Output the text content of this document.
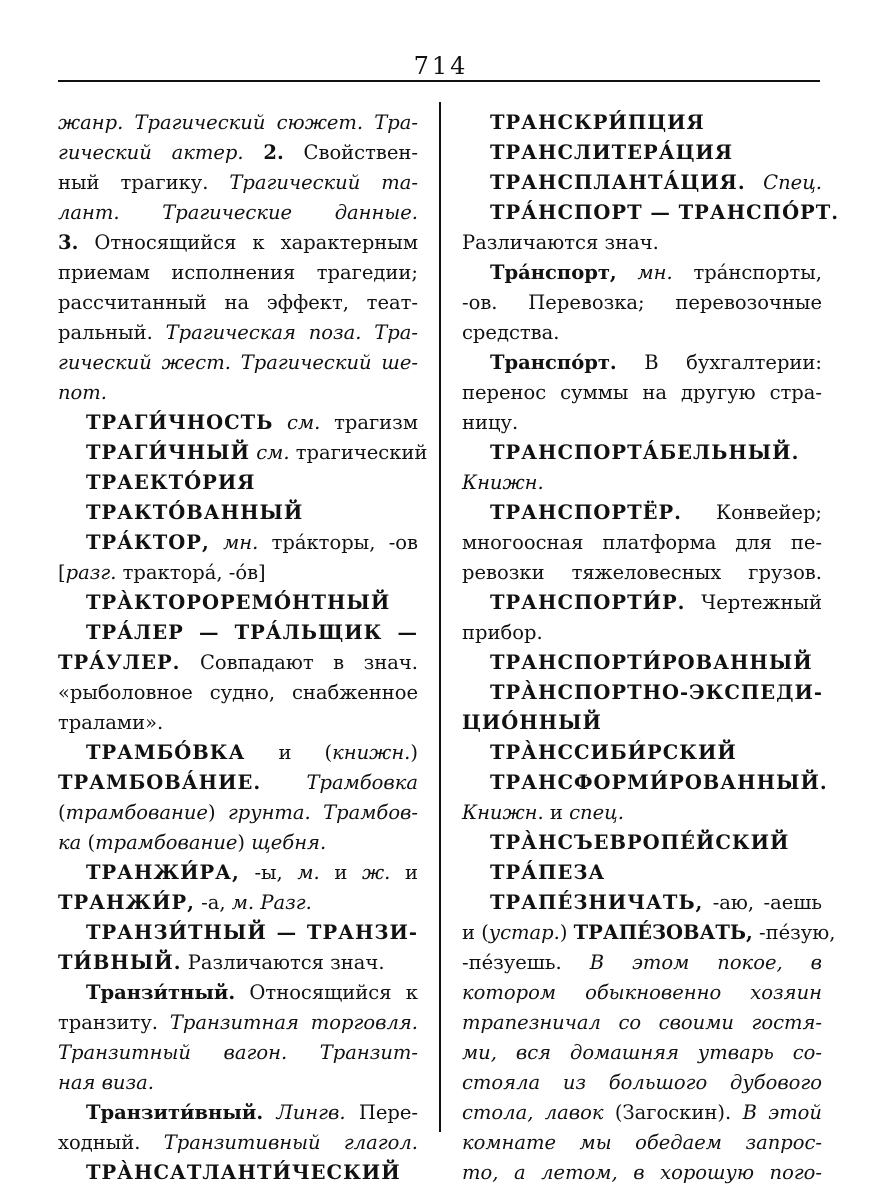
714
жанр. Трагический сюжет. Тра-
гический актер. 2. Свойствен-
ный трагику. Трагический та-
лант. Трагические данные.
3. Относящийся к характерным
приемам исполнения трагедии;
рассчитанный на эффект, теат-
ральный. Трагическая поза. Тра-
гический жест. Трагический ше-
пот.
ТРАГИ́ЧНОСТЬ см. трагизм
ТРАГИ́ЧНЫЙ см. трагический
ТРАЕКТО́РИЯ
ТРАКТО́ВАННЫЙ
ТРА́КТОР, мн. тра́кторы, -ов
[разг. трактора́, -о́в]
ТРА̀КТОРОРЕМО́НТНЫЙ
ТРА́ЛЕР — ТРА́ЛЬЩИК —
ТРА́УЛЕР. Совпадают в знач.
«рыболовное судно, снабженное
тралами».
ТРАМБО́ВКА и (книжн.)
ТРАМБОВА́НИЕ. Трамбовка
(трамбование) грунта. Трамбов-
ка (трамбование) щебня.
ТРАНЖИ́РА, -ы, м. и ж. и
ТРАНЖИ́Р, -а, м. Разг.
ТРАНЗИ́ТНЫЙ — ТРАНЗИ-
ТИ́ВНЫЙ. Различаются знач.
Транзи́тный. Относящийся к
транзиту. Транзитная торговля.
Транзитный вагон. Транзит-
ная виза.
Транзити́вный. Лингв. Пере-
ходный. Транзитивный глагол.
ТРА̀НСАТЛАНТИ́ЧЕСКИЙ
ТРАНСКРИ́ПЦИЯ
ТРАНСЛИТЕРА́ЦИЯ
ТРАНСПЛАНТА́ЦИЯ. Спец.
ТРА́НСПОРТ — ТРАНСПО́РТ.
Различаются знач.
Тра́нспорт, мн. тра́нспорты,
-ов. Перевозка; перевозочные
средства.
Транспо́рт. В бухгалтерии:
перенос суммы на другую стра-
ницу.
ТРАНСПОРТА́БЕЛЬНЫЙ.
Книжн.
ТРАНСПОРТЁР. Конвейер;
многоосная платформа для пе-
ревозки тяжеловесных грузов.
ТРАНСПОРТИ́Р. Чертежный
прибор.
ТРАНСПОРТИ́РОВАННЫЙ
ТРА̀НСПОРТНО-ЭКСПЕДИ-
ЦИО́ННЫЙ
ТРА̀НССИБИ́РСКИЙ
ТРАНСФОРМИ́РОВАННЫЙ.
Книжн. и спец.
ТРА̀НСЪЕВРОПЕ́ЙСКИЙ
ТРА́ПЕЗА
ТРАПЕ́ЗНИЧАТЬ, -аю, -аешь
и (устар.) ТРАПЕ́ЗОВАТЬ, -пе́зую,
-пе́зуешь. В этом покое, в
котором обыкновенно хозяин
трапезничал со своими гостя-
ми, вся домашняя утварь со-
стояла из большого дубового
стола, лавок (Загоскин). В этой
комнате мы обедаем запрос-
то, а летом, в хорошую пого-
